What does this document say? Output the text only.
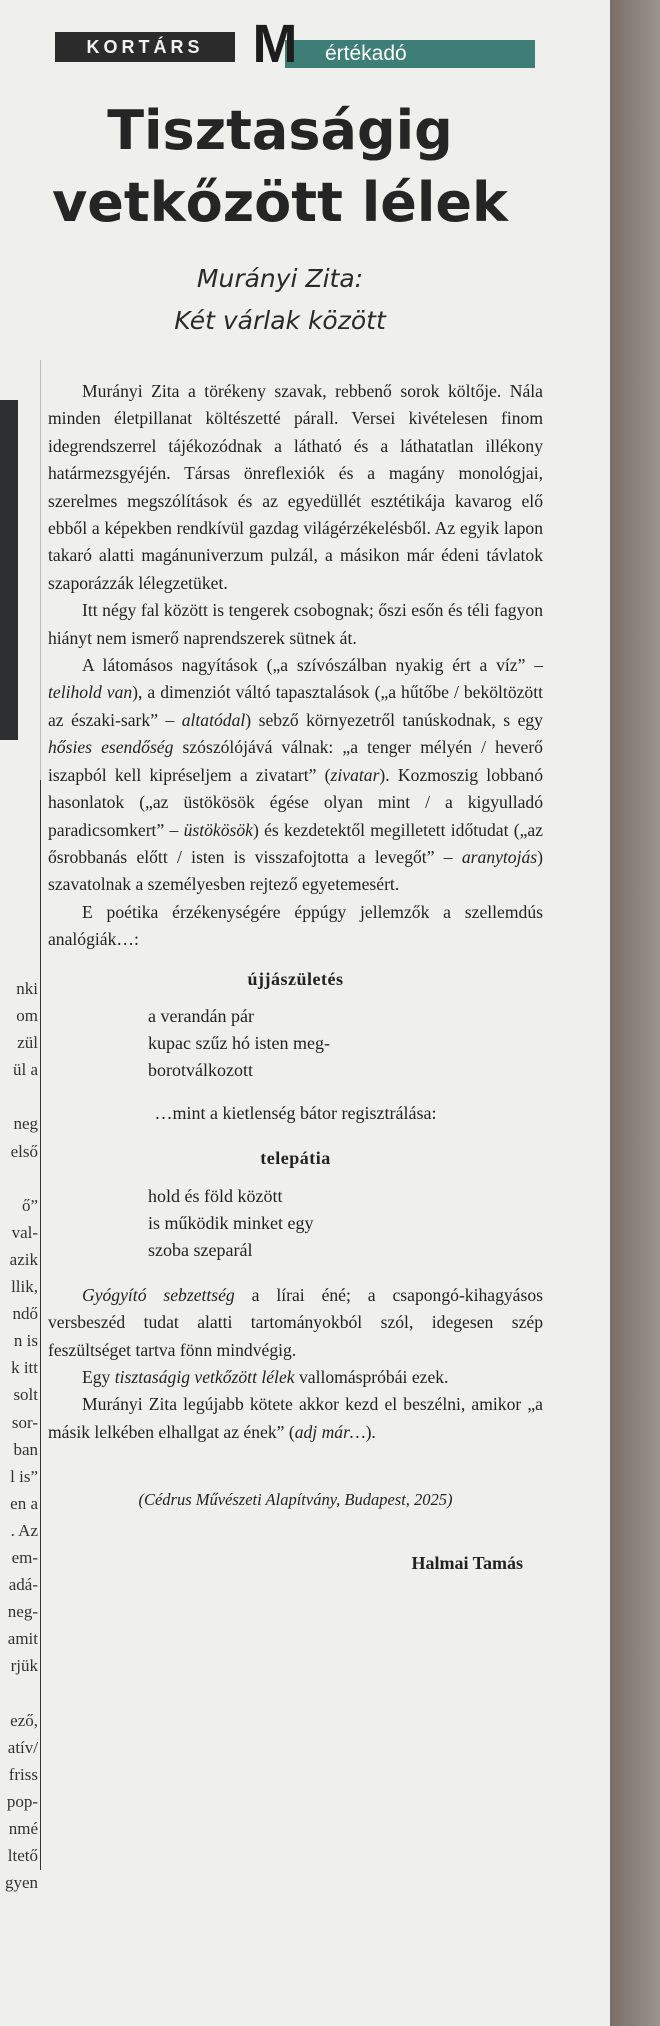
KORTÁRS	értékadó
M
Tisztaságig
vetkőzött lélek
Murányi Zita:
Két várlak között
nki
om
zül
ül a

neg
első

ő”
val-
azik
llik,
ndő
n is
k itt
solt
sor-
ban
l is”
en a
. Az
em-
adá-
neg-
amit
rjük

ező,
atív/
friss
pop-
nmé
ltető
gyen

Murányi Zita a törékeny szavak, rebbenő sorok költője. Nála minden életpillanat költészetté párall. Versei kivételesen finom idegrendszerrel tájékozódnak a látható és a láthatatlan illékony határmezsgyéjén. Társas önreflexiók és a magány monológjai, szerelmes megszólítások és az egyedüllét esztétikája kavarog elő ebből a képekben rendkívül gazdag világérzékelésből. Az egyik lapon takaró alatti magánuniverzum pulzál, a másikon már édeni távlatok szaporázzák lélegzetüket.

Itt négy fal között is tengerek csobognak; őszi esőn és téli fagyon hiányt nem ismerő naprendszerek sütnek át.

A látomásos nagyítások („a szívószálban nyakig ért a víz” – telihold van), a dimenziót váltó tapasztalások („a hűtőbe / beköltözött az északi-sark” – altatódal) sebző környezetről tanúskodnak, s egy hősies esendőség szószólójává válnak: „a tenger mélyén / heverő iszapból kell kipréseljem a zivatart” (zivatar). Kozmoszig lobbanó hasonlatok („az üstökösök égése olyan mint / a kigyulladó paradicsomkert” – üstökösök) és kezdetektől megilletett időtudat („az ősrobbanás előtt / isten is visszafojtotta a levegőt” – aranytojás) szavatolnak a személyesben rejtező egyetemesért.

E poétika érzékenységére éppúgy jellemzők a szellemdús analógiák…:

újjászületés
a verandán pár
kupac szűz hó isten meg-
borotválkozott
…mint a kietlenség bátor regisztrálása:
telepátia
hold és föld között
is működik minket egy
szoba szeparál

Gyógyító sebzettség a lírai éné; a csapongó-kihagyásos versbeszéd tudat alatti tartományokból szól, idegesen szép feszültséget tartva fönn mindvégig.

Egy tisztaságig vetkőzött lélek vallomáspróbái ezek.

Murányi Zita legújabb kötete akkor kezd el beszélni, amikor „a másik lelkében elhallgat az ének” (adj már…).

(Cédrus Művészeti Alapítvány, Budapest, 2025)
Halmai Tamás
